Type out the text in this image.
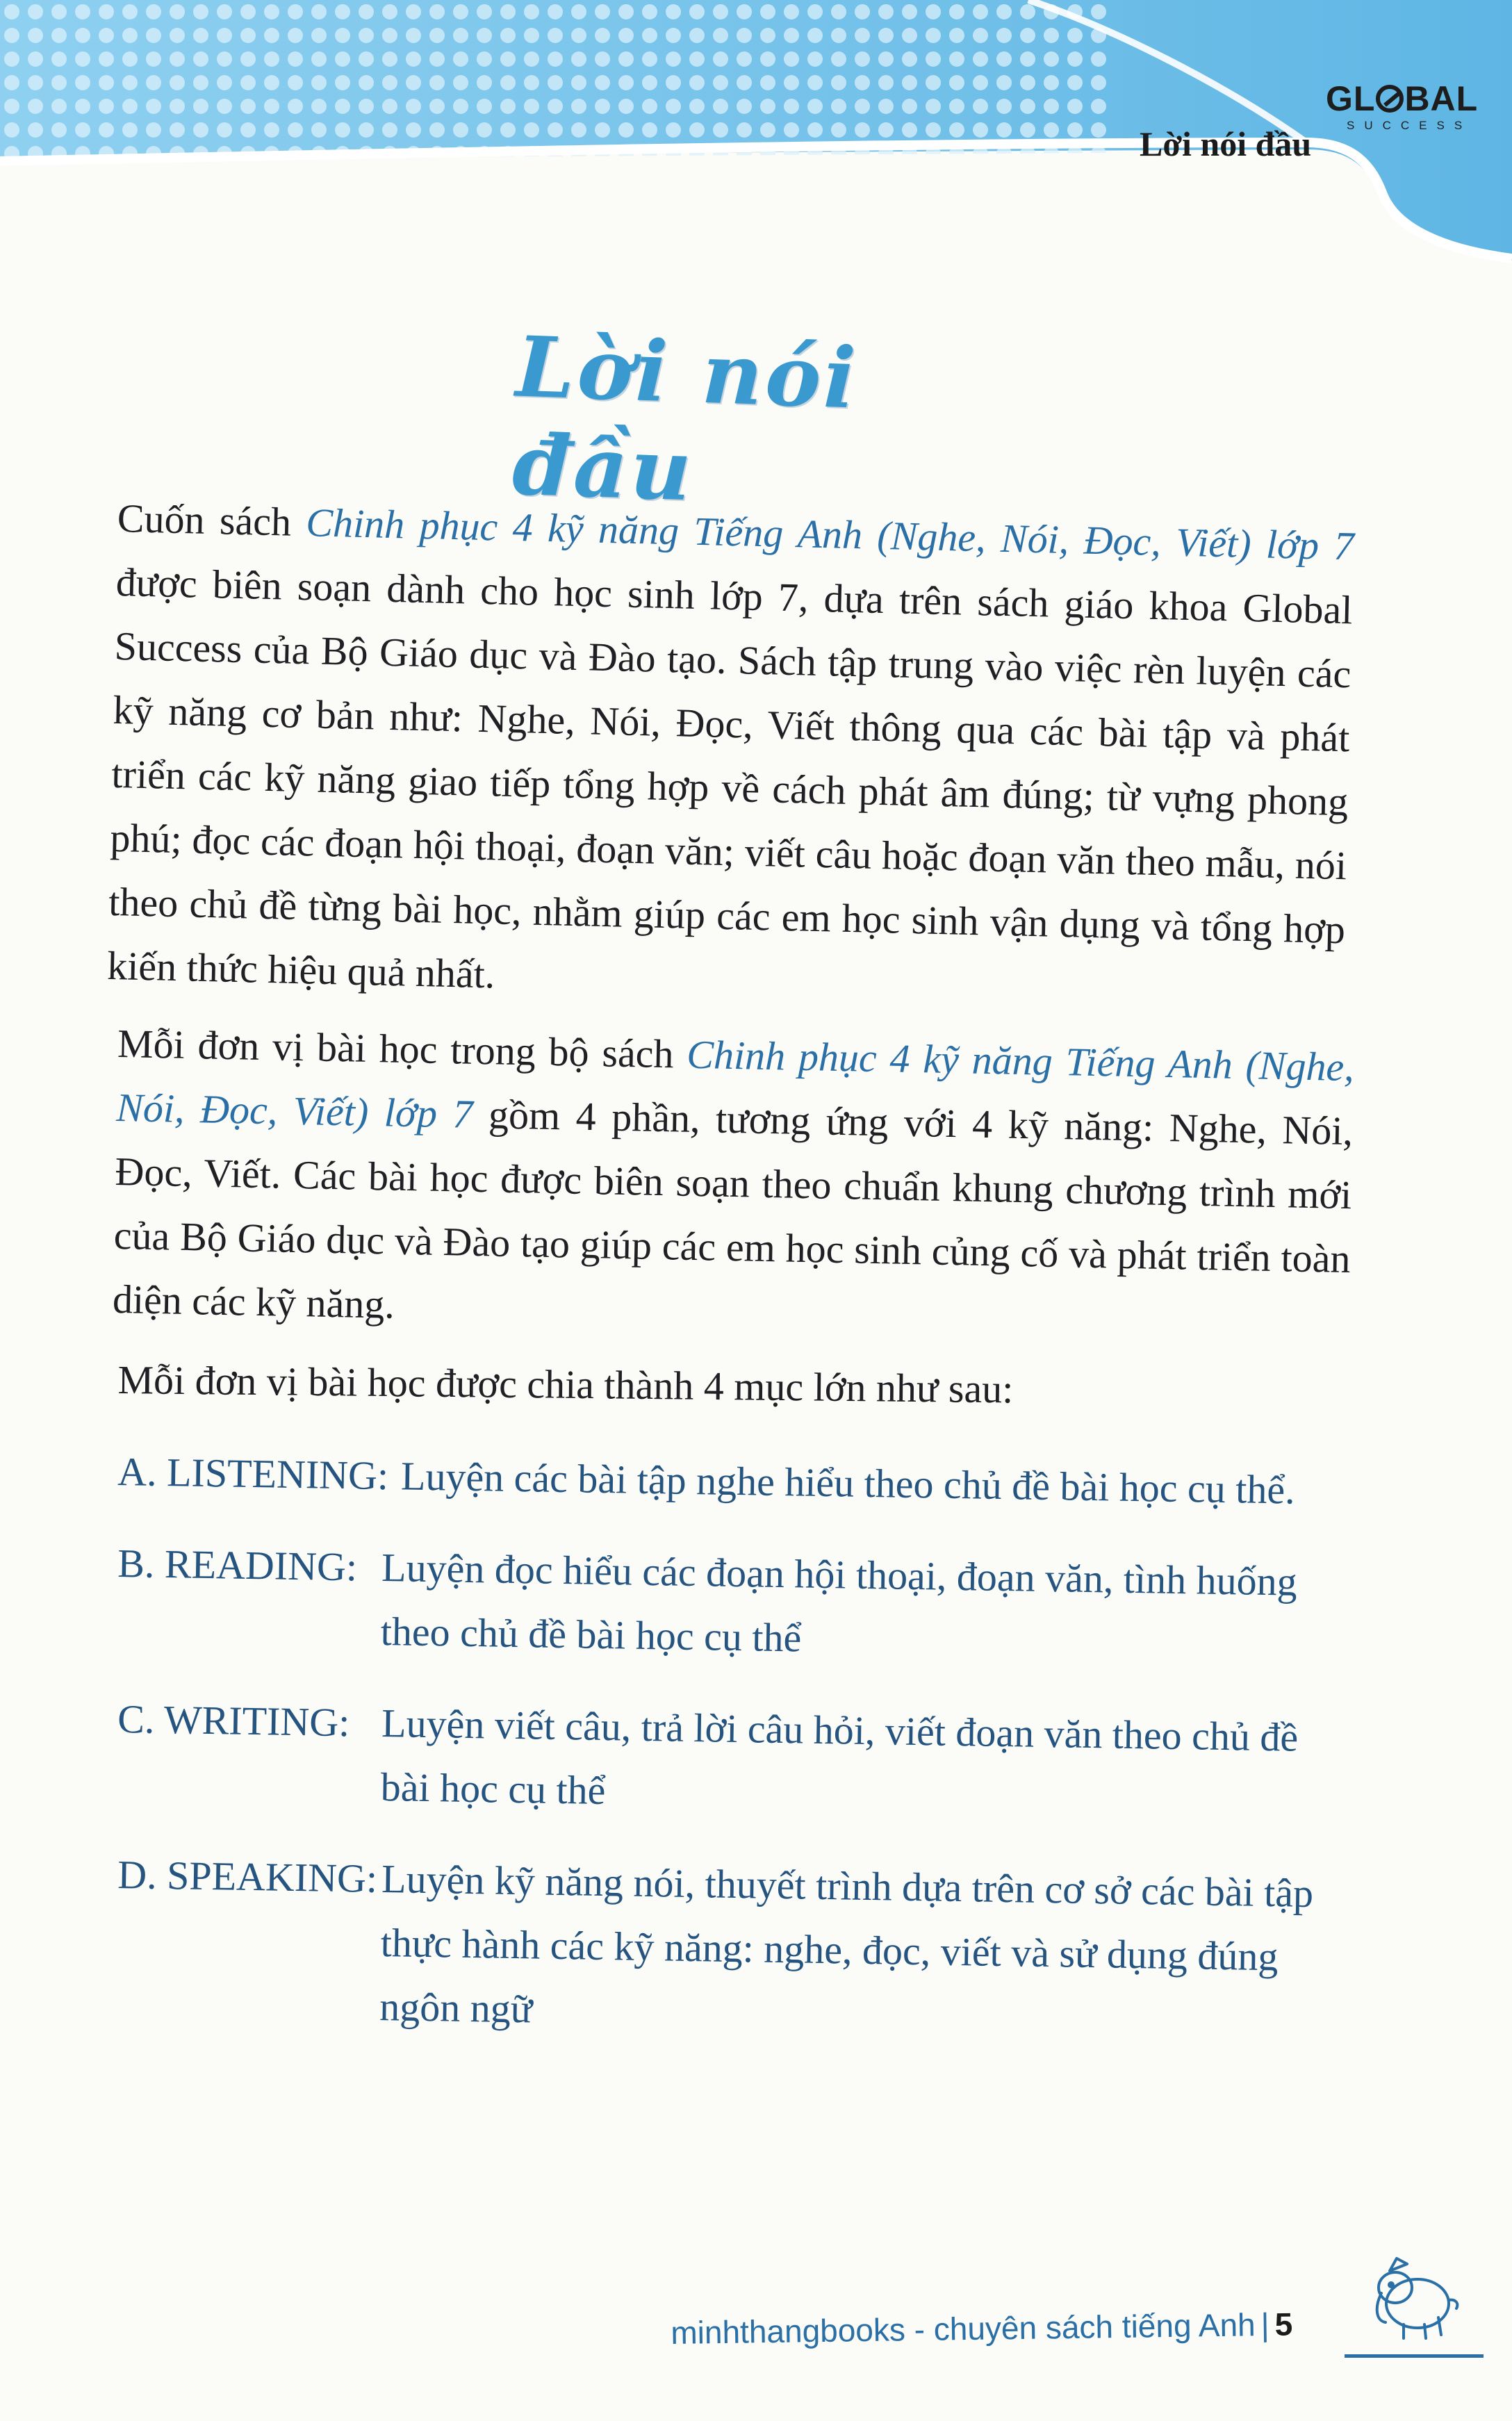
GL BAL
SUCCESS
Lời nói đầu
Lời nói đầu

Cuốn sách Chinh phục 4 kỹ năng Tiếng Anh (Nghe, Nói, Đọc, Viết) lớp 7 được biên soạn dành cho học sinh lớp 7, dựa trên sách giáo khoa Global Success của Bộ Giáo dục và Đào tạo. Sách tập trung vào việc rèn luyện các kỹ năng cơ bản như: Nghe, Nói, Đọc, Viết thông qua các bài tập và phát triển các kỹ năng giao tiếp tổng hợp về cách phát âm đúng; từ vựng phong phú; đọc các đoạn hội thoại, đoạn văn; viết câu hoặc đoạn văn theo mẫu, nói theo chủ đề từng bài học, nhằm giúp các em học sinh vận dụng và tổng hợp kiến thức hiệu quả nhất.

Mỗi đơn vị bài học trong bộ sách Chinh phục 4 kỹ năng Tiếng Anh (Nghe, Nói, Đọc, Viết) lớp 7 gồm 4 phần, tương ứng với 4 kỹ năng: Nghe, Nói, Đọc, Viết. Các bài học được biên soạn theo chuẩn khung chương trình mới của Bộ Giáo dục và Đào tạo giúp các em học sinh củng cố và phát triển toàn diện các kỹ năng.

Mỗi đơn vị bài học được chia thành 4 mục lớn như sau:

A. LISTENING: Luyện các bài tập nghe hiểu theo chủ đề bài học cụ thể.
B. READING: Luyện đọc hiểu các đoạn hội thoại, đoạn văn, tình huống theo chủ đề bài học cụ thể
C. WRITING: Luyện viết câu, trả lời câu hỏi, viết đoạn văn theo chủ đề bài học cụ thể
D. SPEAKING: Luyện kỹ năng nói, thuyết trình dựa trên cơ sở các bài tập thực hành các kỹ năng: nghe, đọc, viết và sử dụng đúng ngôn ngữ
minhthangbooks - chuyên sách tiếng Anh | 5
